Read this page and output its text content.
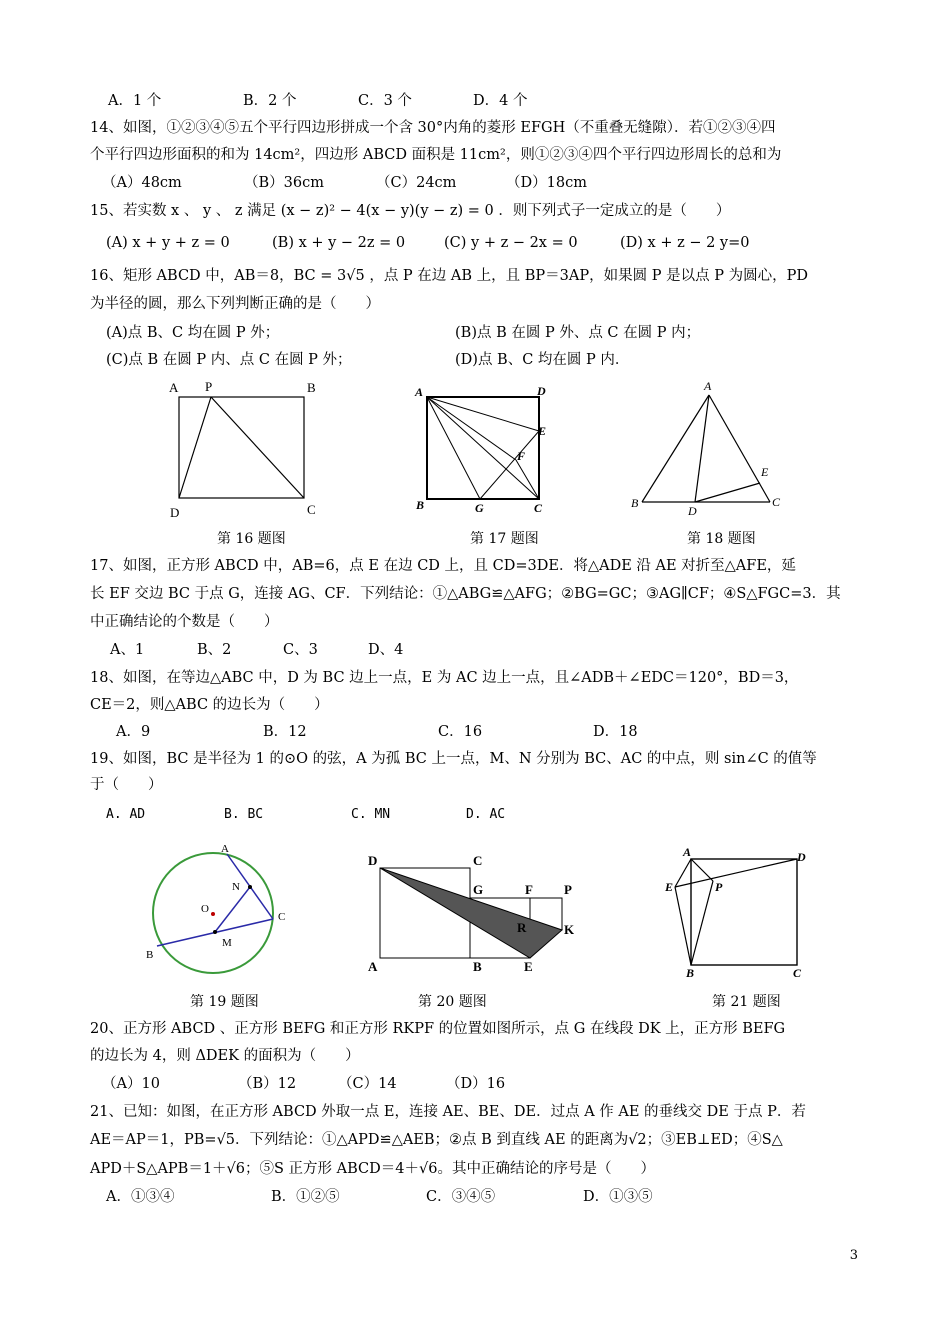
A．1 个	B．2 个	C．3 个	D．4 个
14、如图，①②③④⑤五个平行四边形拼成一个含 30°内角的菱形 EFGH（不重叠无缝隙）．若①②③④四
个平行四边形面积的和为 14cm²，四边形 ABCD 面积是 11cm²，则①②③④四个平行四边形周长的总和为
（A）48cm	（B）36cm	（C）24cm	（D）18cm
15、若实数 x 、 y 、 z 满足 (x − z)² − 4(x − y)(y − z) = 0 ．则下列式子一定成立的是（　　）
(A) x + y + z = 0	(B) x + y − 2z = 0	(C) y + z − 2x = 0	(D) x + z − 2 y=0
16、矩形 ABCD 中，AB＝8，BC = 3√5 ，点 P 在边 AB 上，且 BP＝3AP，如果圆 P 是以点 P 为圆心，PD
为半径的圆，那么下列判断正确的是（　　）
(A)点 B、C 均在圆 P 外；	(B)点 B 在圆 P 外、点 C 在圆 P 内；
(C)点 B 在圆 P 内、点 C 在圆 P 外；	(D)点 B、C 均在圆 P 内．
A P	B
D	C
A	D
E
F
B	G	C
A
E
B
D
C
第 16 题图	第 17 题图	第 18 题图
17、如图，正方形 ABCD 中，AB=6，点 E 在边 CD 上，且 CD=3DE．将△ADE 沿 AE 对折至△AFE，延
长 EF 交边 BC 于点 G，连接 AG、CF．下列结论：①△ABG≌△AFG；②BG=GC；③AG∥CF；④S△FGC=3．其
中正确结论的个数是（　　）
A、1	B、2	C、3	D、4
18、如图，在等边△ABC 中，D 为 BC 边上一点，E 为 AC 边上一点，且∠ADB＋∠EDC＝120°，BD＝3，
CE＝2，则△ABC 的边长为（　　）
A．9	B．12	C．16	D．18
19、如图，BC 是半径为 1 的⊙O 的弦，A 为孤 BC 上一点，M、N 分别为 BC、AC 的中点，则 sin∠C 的值等
于（　　）
A. AD	B. BC	C. MN	D. AC
A
N
O
C
M
B
D	C
G	F P
R	K
A	B	E
A	D
E	P
B	C
第 19 题图	第 20 题图	第 21 题图
20、正方形 ABCD 、正方形 BEFG 和正方形 RKPF 的位置如图所示，点 G 在线段 DK 上，正方形 BEFG
的边长为 4，则 ΔDEK 的面积为（　　）
（A）10	（B）12	（C）14	（D）16
21、已知：如图，在正方形 ABCD 外取一点 E，连接 AE、BE、DE．过点 A 作 AE 的垂线交 DE 于点 P．若
AE＝AP＝1，PB=√5．下列结论：①△APD≌△AEB；②点 B 到直线 AE 的距离为√2；③EB⊥ED；④S△
APD＋S△APB＝1＋√6；⑤S 正方形 ABCD＝4＋√6。其中正确结论的序号是（　　）
A．①③④	B．①②⑤	C．③④⑤	D．①③⑤
3
